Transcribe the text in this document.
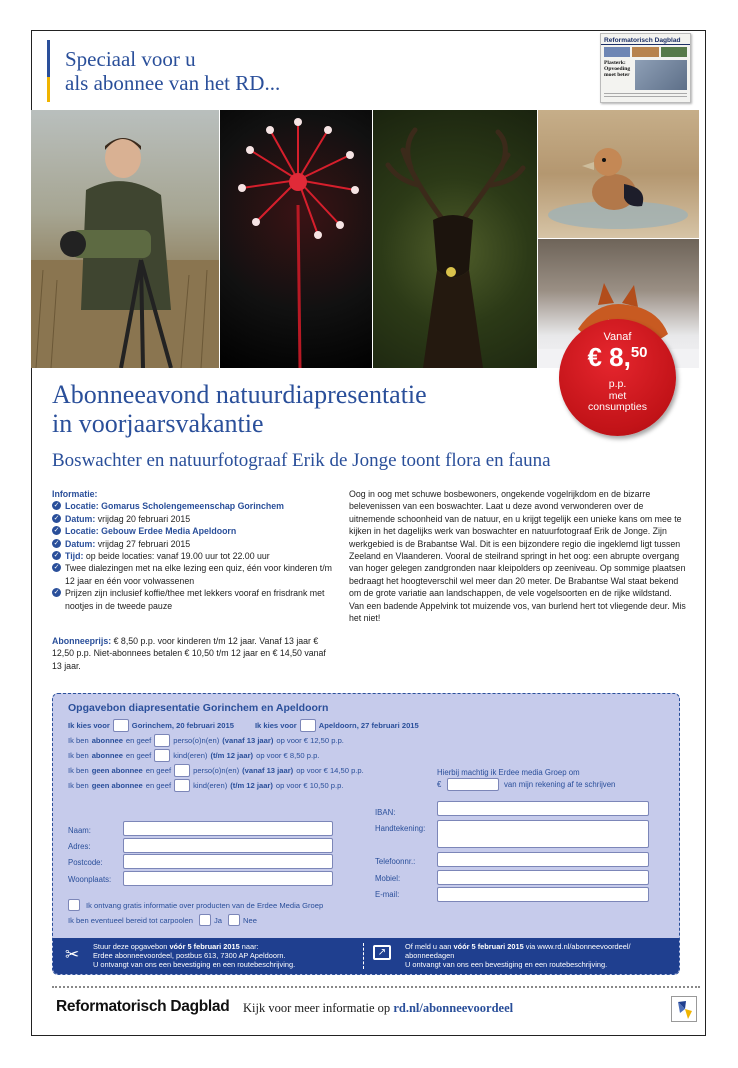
Speciaal voor u
als abonnee van het RD...
Reformatorisch Dagblad
Plasterk: Opvoeding moet beter
Vanaf
€ 8,50
p.p.
met
consumpties
Abonneeavond natuurdiapresentatie
in voorjaarsvakantie
Boswachter en natuurfotograaf Erik de Jonge toont flora en fauna
Informatie:
✓ Locatie: Gomarus Scholengemeenschap Gorinchem
✓ Datum: vrijdag 20 februari 2015
✓ Locatie: Gebouw Erdee Media Apeldoorn
✓ Datum: vrijdag 27 februari 2015
✓ Tijd: op beide locaties: vanaf 19.00 uur tot 22.00 uur
✓ Twee dialezingen met na elke lezing een quiz, één voor kinderen t/m 12 jaar en één voor volwassenen
✓ Prijzen zijn inclusief koffie/thee met lekkers vooraf en frisdrank met nootjes in de tweede pauze
Abonneeprijs: € 8,50 p.p. voor kinderen t/m 12 jaar. Vanaf 13 jaar € 12,50 p.p. Niet-abonnees betalen € 10,50 t/m 12 jaar en € 14,50 vanaf 13 jaar.
Oog in oog met schuwe bosbewoners, ongekende vogelrijkdom en de bizarre belevenissen van een boswachter. Laat u deze avond verwonderen over de uitnemende schoonheid van de natuur, en u krijgt tegelijk een unieke kans om mee te kijken in het dagelijks werk van boswachter en natuurfotograaf Erik de Jonge. Zijn werkgebied is de Brabantse Wal. Dit is een bijzondere regio die ingeklemd ligt tussen Zeeland en Vlaanderen. Vooral de steilrand springt in het oog: een abrupte overgang van hoger gelegen zandgronden naar kleipolders op zeeniveau. Op sommige plaatsen bedraagt het hoogteverschil wel meer dan 20 meter. De Brabantse Wal staat bekend om de grote variatie aan landschappen, de vele vogelsoorten en de rijke wildstand. Van een badende Appelvink tot muizende vos, van burlend hert tot vliegende deur. Mis het niet!
Opgavebon diapresentatie Gorinchem en Apeldoorn
Ik kies voor	Gorinchem, 20 februari 2015	Ik kies voor	Apeldoorn, 27 februari 2015
Ik ben abonnee en geef	perso(o)n(en) (vanaf 13 jaar) op voor € 12,50 p.p.
Ik ben abonnee en geef	kind(eren) (t/m 12 jaar) op voor € 8,50 p.p.
Ik ben geen abonnee en geef	perso(o)n(en) (vanaf 13 jaar) op voor € 14,50 p.p.
Ik ben geen abonnee en geef	kind(eren) (t/m 12 jaar) op voor € 10,50 p.p.
Hierbij machtig ik Erdee media Groep om
€	van mijn rekening af te schrijven
Naam:
Adres:
Postcode:
Woonplaats:
IBAN:
Handtekening:
Telefoonnr.:
Mobiel:
E-mail:
Ik ontvang gratis informatie over producten van de Erdee Media Groep
Ik ben eventueel bereid tot carpoolen	Ja	Nee
✂ Stuur deze opgavebon vóór 5 februari 2015 naar:
Erdee abonneevoordeel, postbus 613, 7300 AP Apeldoorn.
U ontvangt van ons een bevestiging en een routebeschrijving.
↗
Of meld u aan vóór 5 februari 2015 via www.rd.nl/abonneevoordeel/
abonneedagen
U ontvangt van ons een bevestiging en een routebeschrijving.
Reformatorisch Dagblad Kijk voor meer informatie op rd.nl/abonneevoordeel
